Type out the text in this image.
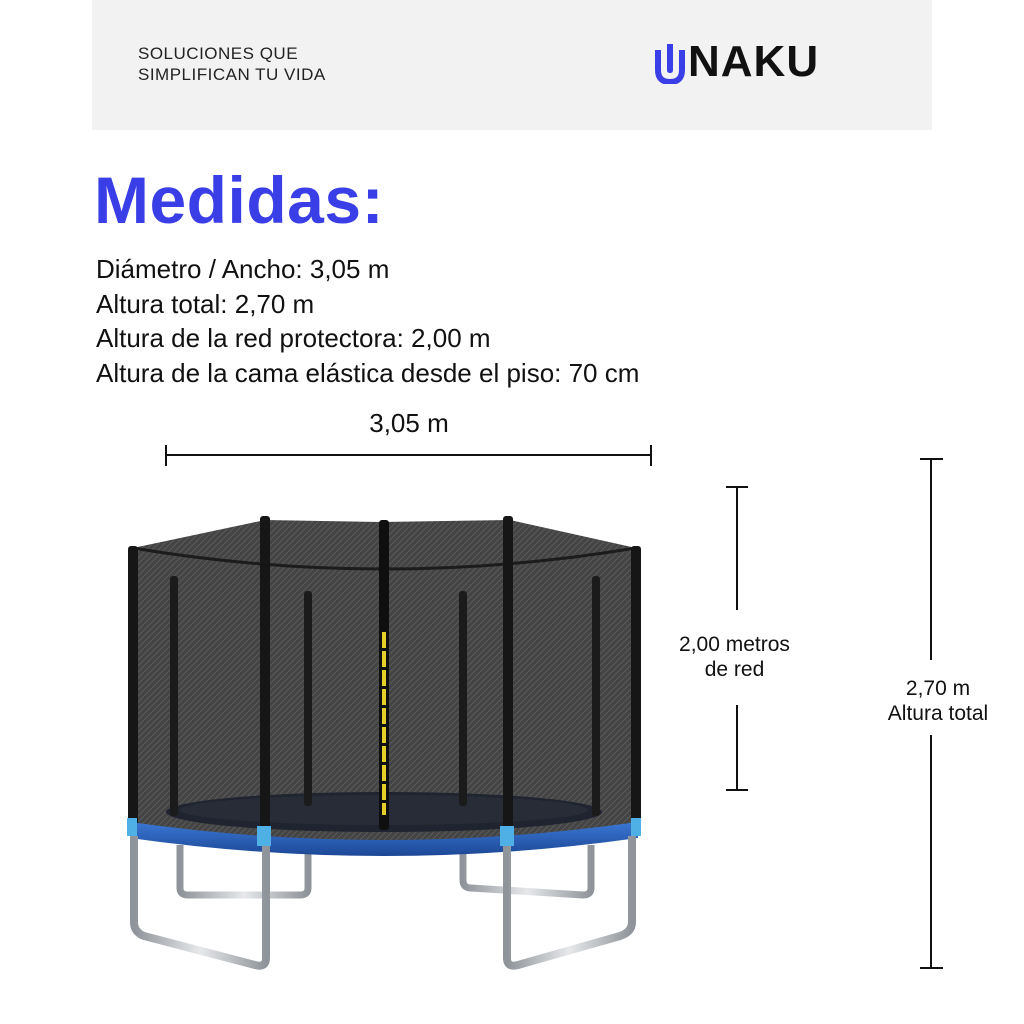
SOLUCIONES QUE
SIMPLIFICAN TU VIDA	NAKU
Medidas:
Diámetro / Ancho: 3,05 m
Altura total: 2,70 m
Altura de la red protectora: 2,00 m
Altura de la cama elástica desde el piso: 70 cm
3,05 m
2,00 metros
de red
2,70 m
Altura total
